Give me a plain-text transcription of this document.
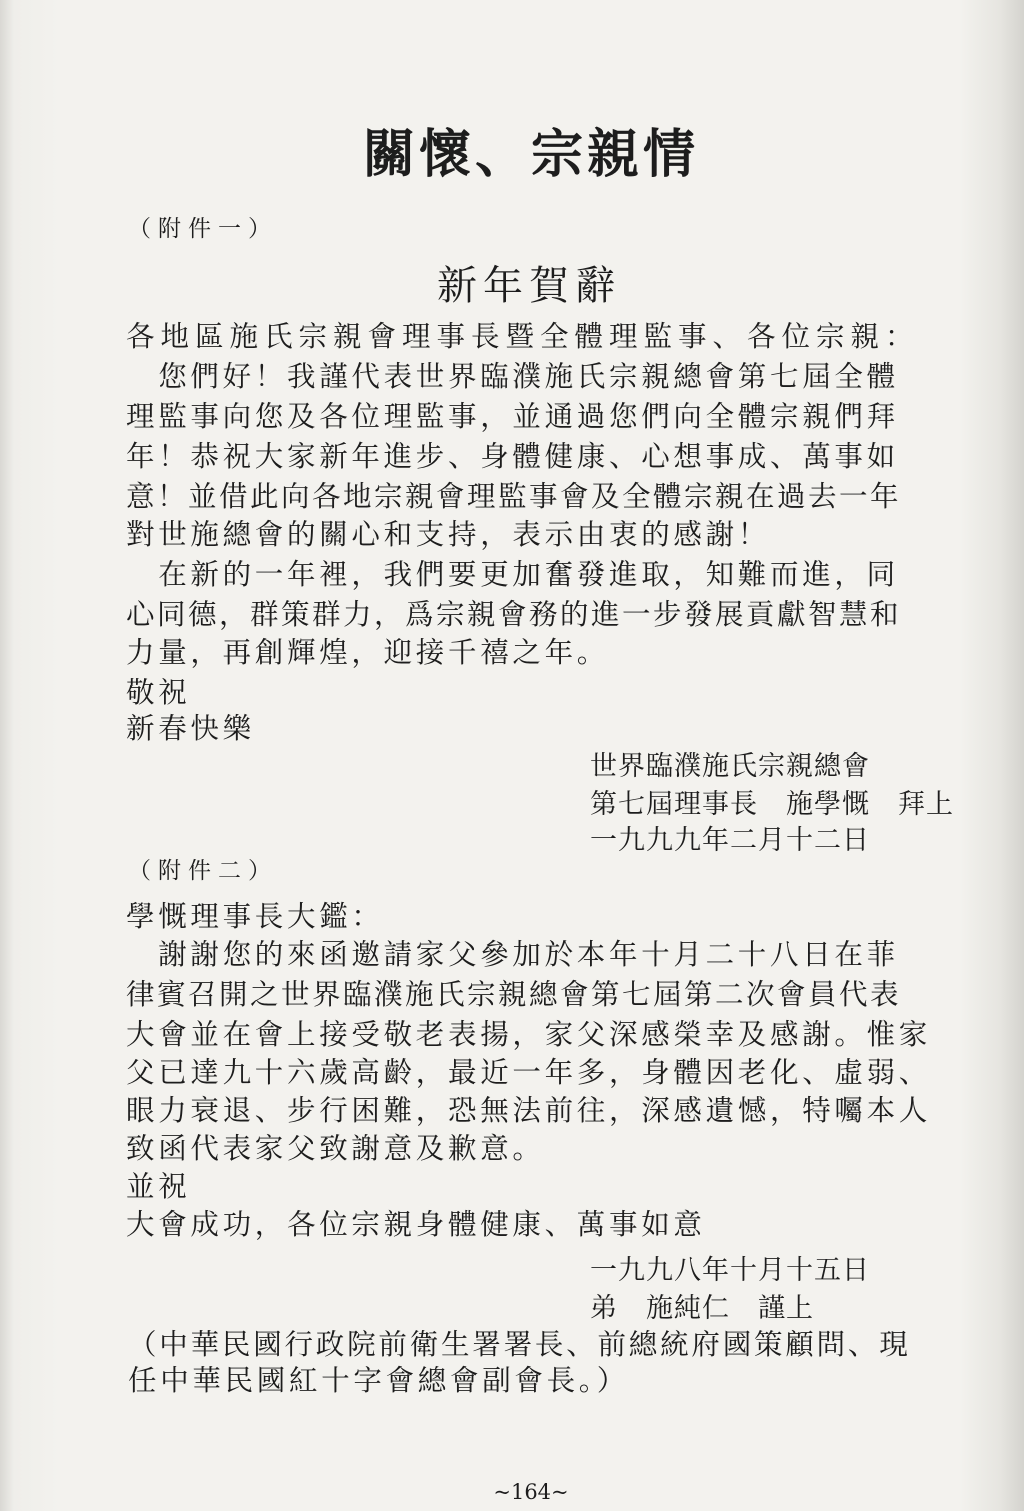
關懷、宗親情
（附件一）
新年賀辭
各地區施氏宗親會理事長暨全體理監事、各位宗親：
　您們好！我謹代表世界臨濮施氏宗親總會第七屆全體
理監事向您及各位理監事，並通過您們向全體宗親們拜
年！恭祝大家新年進步、身體健康、心想事成、萬事如
意！並借此向各地宗親會理監事會及全體宗親在過去一年
對世施總會的關心和支持，表示由衷的感謝！
　在新的一年裡，我們要更加奮發進取，知難而進，同
心同德，群策群力，爲宗親會務的進一步發展貢獻智慧和
力量，再創輝煌，迎接千禧之年。
敬祝
新春快樂
世界臨濮施氏宗親總會
第七屆理事長　施學慨　拜上
一九九九年二月十二日
（附件二）
學慨理事長大鑑：
　謝謝您的來函邀請家父參加於本年十月二十八日在菲
律賓召開之世界臨濮施氏宗親總會第七屆第二次會員代表
大會並在會上接受敬老表揚，家父深感榮幸及感謝。惟家
父已達九十六歲高齡，最近一年多，身體因老化、虛弱、
眼力衰退、步行困難，恐無法前往，深感遺憾，特囑本人
致函代表家父致謝意及歉意。
並祝
大會成功，各位宗親身體健康、萬事如意
一九九八年十月十五日
弟　施純仁　謹上
（中華民國行政院前衛生署署長、前總統府國策顧問、現
任中華民國紅十字會總會副會長。）
~164~
